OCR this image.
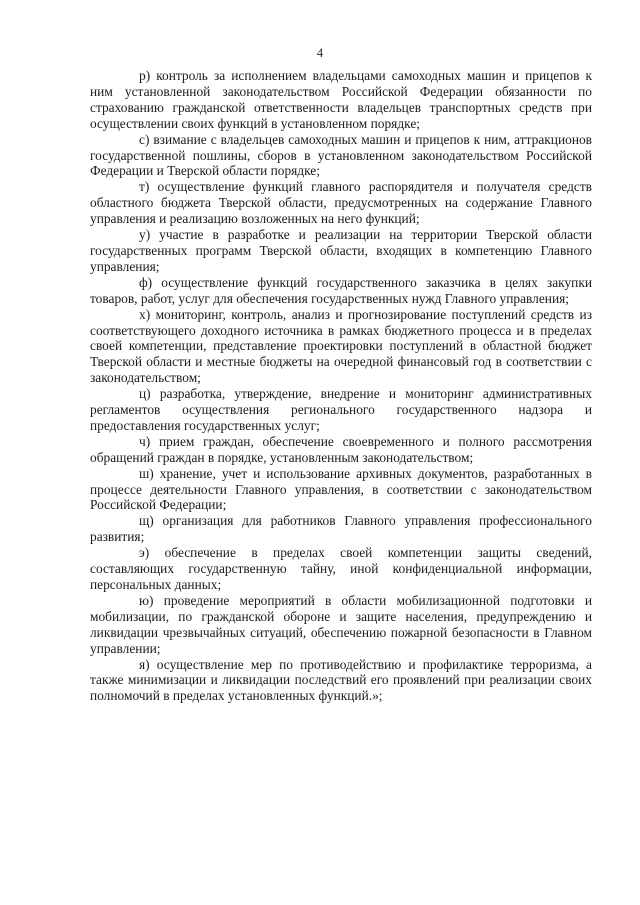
4

р) контроль за исполнением владельцами самоходных машин и прицепов к ним установленной законодательством Российской Федерации обязанности по страхованию гражданской ответственности владельцев транспортных средств при осуществлении своих функций в установленном порядке;

с) взимание с владельцев самоходных машин и прицепов к ним, аттракционов государственной пошлины, сборов в установленном законодательством Российской Федерации и Тверской области порядке;

т) осуществление функций главного распорядителя и получателя средств областного бюджета Тверской области, предусмотренных на содержание Главного управления и реализацию возложенных на него функций;

у) участие в разработке и реализации на территории Тверской области государственных программ Тверской области, входящих в компетенцию Главного управления;

ф) осуществление функций государственного заказчика в целях закупки товаров, работ, услуг для обеспечения государственных нужд Главного управления;

х) мониторинг, контроль, анализ и прогнозирование поступлений средств из соответствующего доходного источника в рамках бюджетного процесса и в пределах своей компетенции, представление проектировки поступлений в областной бюджет Тверской области и местные бюджеты на очередной финансовый год в соответствии с законодательством;

ц) разработка, утверждение, внедрение и мониторинг административных регламентов осуществления регионального государственного надзора и предоставления государственных услуг;

ч) прием граждан, обеспечение своевременного и полного рассмотрения обращений граждан в порядке, установленным законодательством;

ш) хранение, учет и использование архивных документов, разработанных в процессе деятельности Главного управления, в соответствии с законодательством Российской Федерации;

щ) организация для работников Главного управления профессионального развития;

э) обеспечение в пределах своей компетенции защиты сведений, составляющих государственную тайну, иной конфиденциальной информации, персональных данных;

ю) проведение мероприятий в области мобилизационной подготовки и мобилизации, по гражданской обороне и защите населения, предупреждению и ликвидации чрезвычайных ситуаций, обеспечению пожарной безопасности в Главном управлении;

я) осуществление мер по противодействию и профилактике терроризма, а также минимизации и ликвидации последствий его проявлений при реализации своих полномочий в пределах установленных функций.»;
